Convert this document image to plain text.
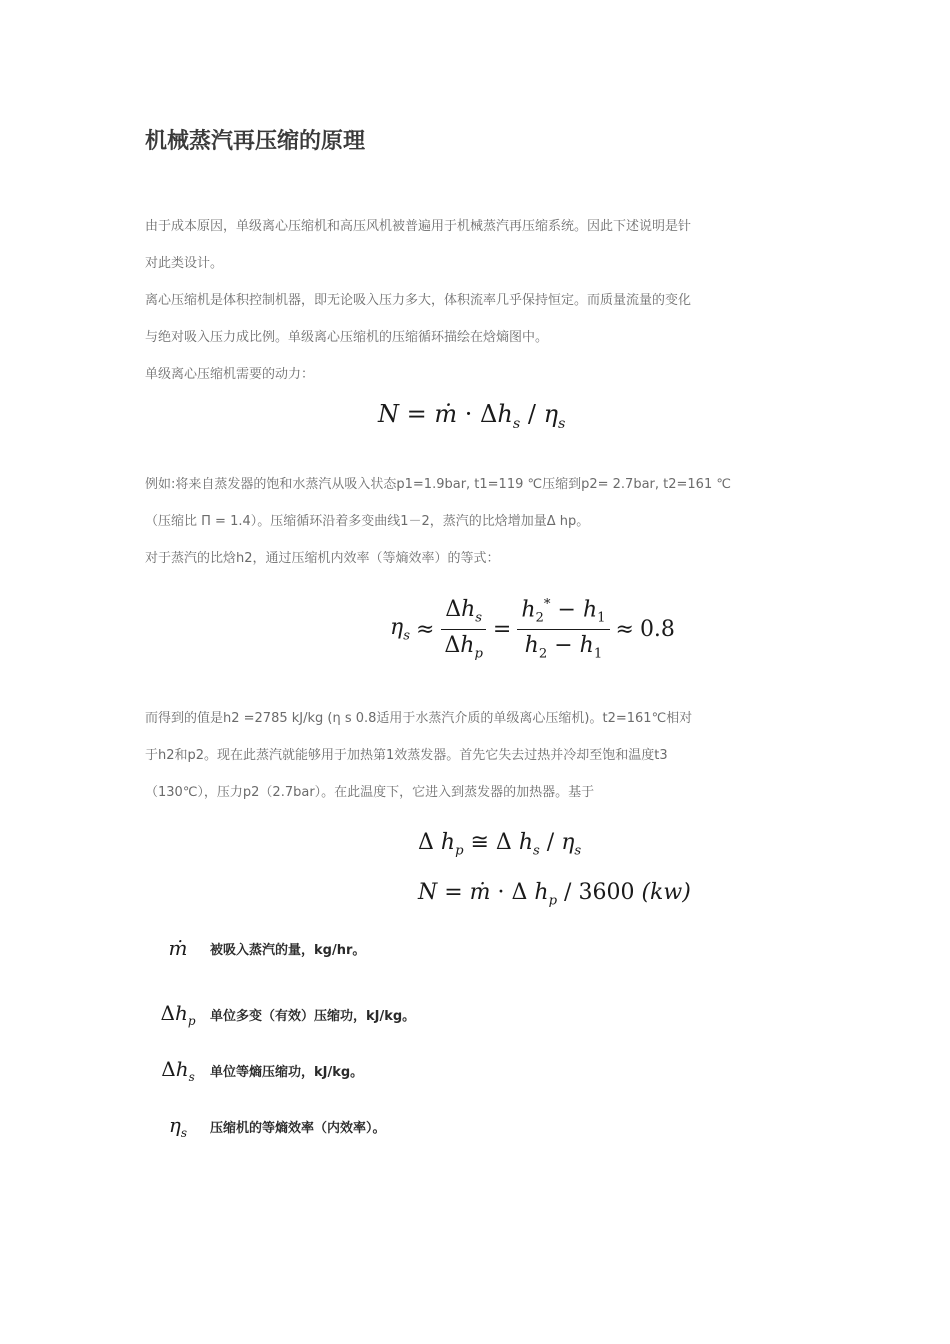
机械蒸汽再压缩的原理
由于成本原因，单级离心压缩机和高压风机被普遍用于机械蒸汽再压缩系统。因此下述说明是针
对此类设计。
离心压缩机是体积控制机器，即无论吸入压力多大，体积流率几乎保持恒定。而质量流量的变化
与绝对吸入压力成比例。单级离心压缩机的压缩循环描绘在焓熵图中。
单级离心压缩机需要的动力：
N = ṁ · $\Delta h_s / \eta_s$
例如:将来自蒸发器的饱和水蒸汽从吸入状态p1=1.9bar, t1=119 ℃压缩到p2= 2.7bar, t2=161 ℃
（压缩比 Π = 1.4）。压缩循环沿着多变曲线1－2，蒸汽的比焓增加量Δ hp。
对于蒸汽的比焓h2，通过压缩机内效率（等熵效率）的等式：
$\eta_s \approx \frac{\Delta h_s}{\Delta h_p} = \frac{h_2^* - h_1}{h_2 - h_1} \approx 0.8$
而得到的值是h2 =2785 kJ/kg (η s 0.8适用于水蒸汽介质的单级离心压缩机)。t2=161℃相对
于h2和p2。现在此蒸汽就能够用于加热第1效蒸发器。首先它失去过热并冷却至饱和温度t3
（130℃），压力p2（2.7bar）。在此温度下，它进入到蒸发器的加热器。基于
Δ $h_p$ ≅ Δ $h_s / \eta_s$
N = ṁ · Δ $h_p / 3600$ (kw)
ṁ	被吸入蒸汽的量，kg/hr。
$\Delta h_p$	单位多变（有效）压缩功，kJ/kg。
$\Delta h_s$	单位等熵压缩功，kJ/kg。
$\eta_s$	压缩机的等熵效率（内效率）。
